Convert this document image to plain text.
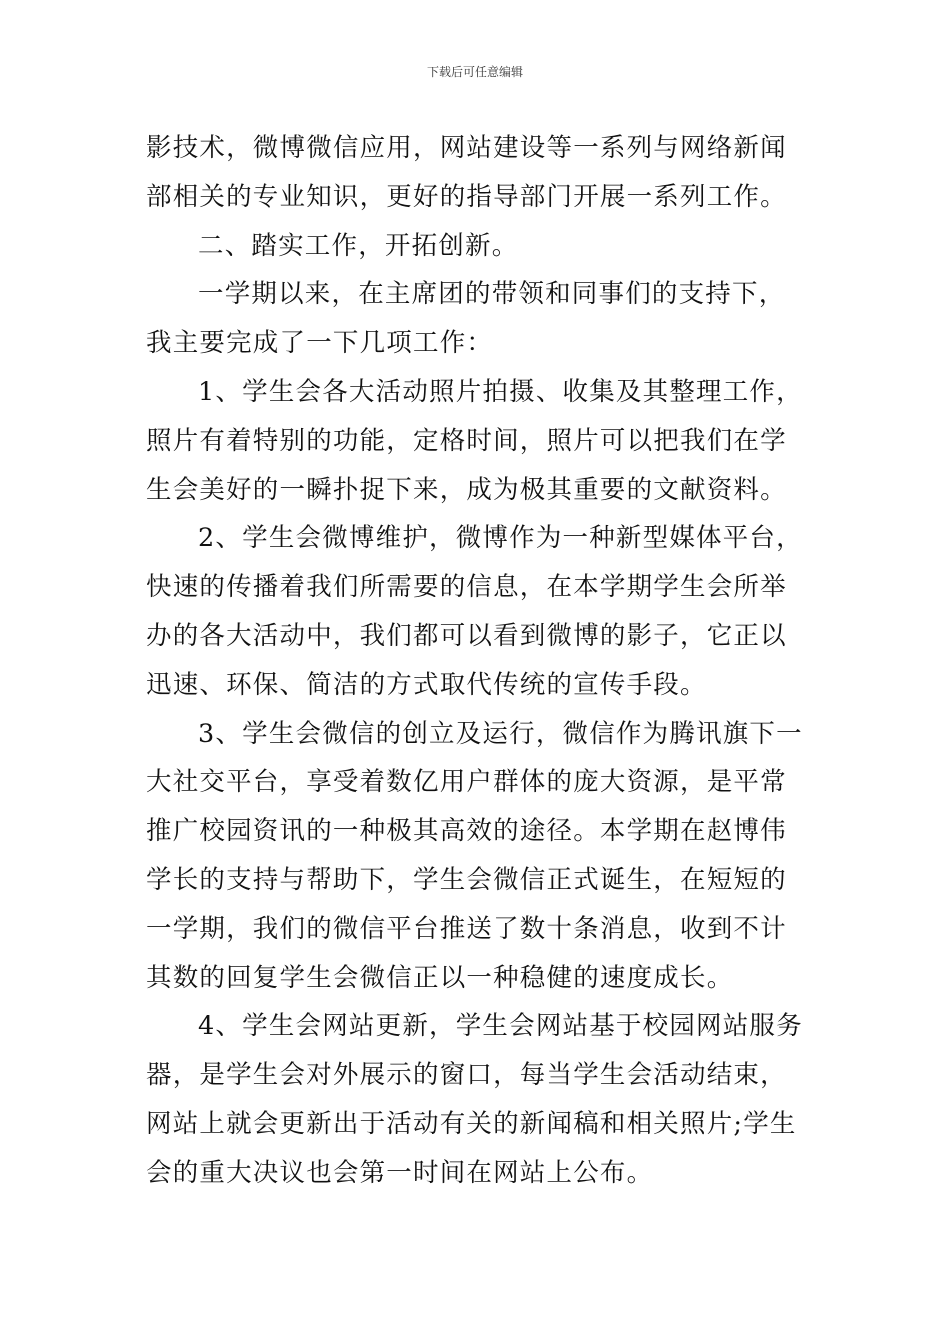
下载后可任意编辑

影技术，微博微信应用，网站建设等一系列与网络新闻部相关的专业知识，更好的指导部门开展一系列工作。

二、踏实工作，开拓创新。

一学期以来，在主席团的带领和同事们的支持下，我主要完成了一下几项工作：

1、学生会各大活动照片拍摄、收集及其整理工作，照片有着特别的功能，定格时间，照片可以把我们在学生会美好的一瞬扑捉下来，成为极其重要的文献资料。

2、学生会微博维护，微博作为一种新型媒体平台，快速的传播着我们所需要的信息，在本学期学生会所举办的各大活动中，我们都可以看到微博的影子，它正以迅速、环保、简洁的方式取代传统的宣传手段。

3、学生会微信的创立及运行，微信作为腾讯旗下一大社交平台，享受着数亿用户群体的庞大资源，是平常推广校园资讯的一种极其高效的途径。本学期在赵博伟学长的支持与帮助下，学生会微信正式诞生，在短短的一学期，我们的微信平台推送了数十条消息，收到不计其数的回复学生会微信正以一种稳健的速度成长。

4、学生会网站更新，学生会网站基于校园网站服务器，是学生会对外展示的窗口，每当学生会活动结束，网站上就会更新出于活动有关的新闻稿和相关照片;学生会的重大决议也会第一时间在网站上公布。
